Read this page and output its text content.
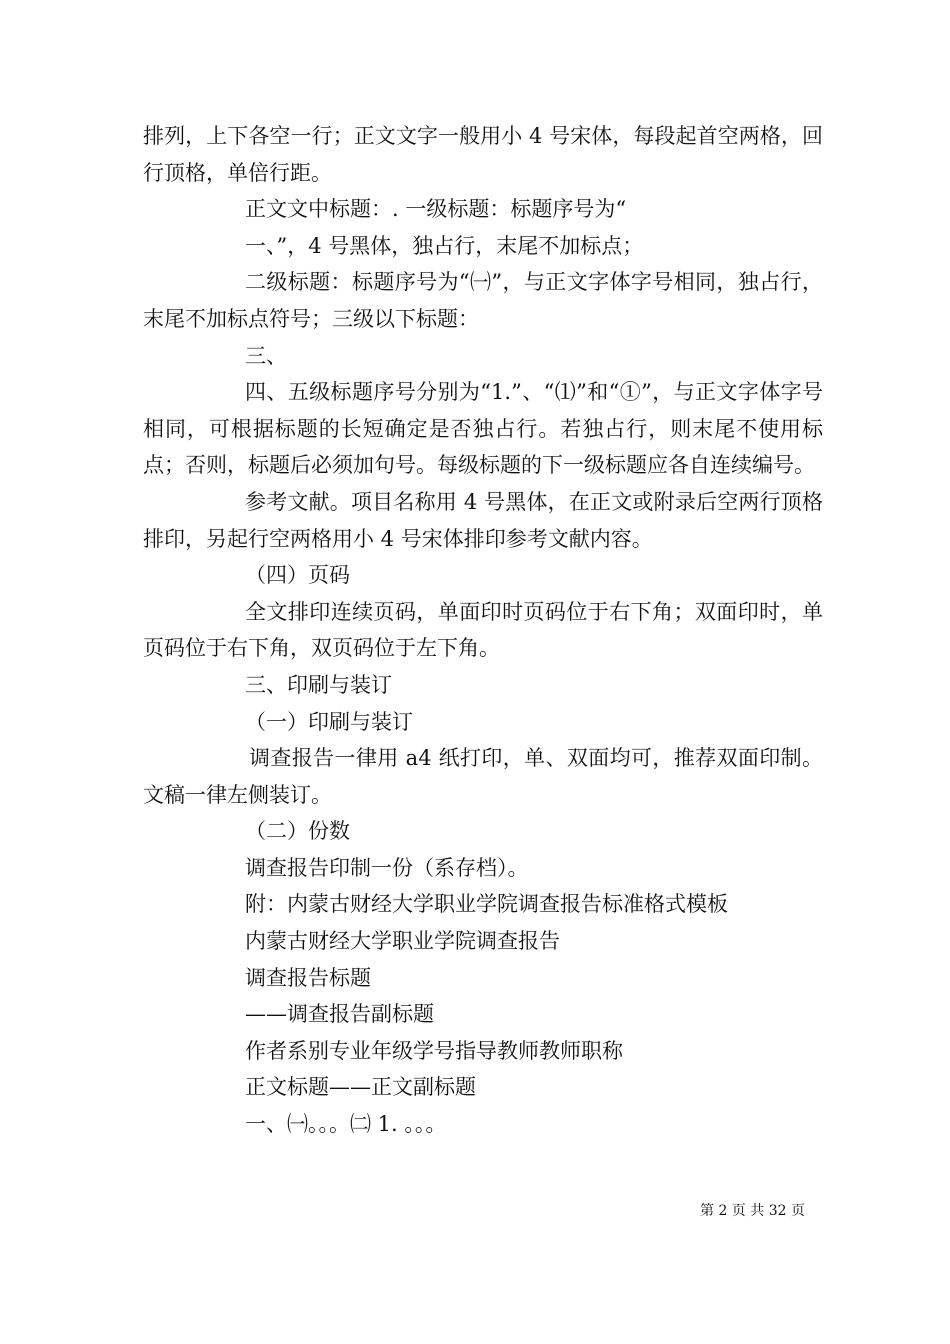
排列，上下各空一行；正文文字一般用小 4 号宋体，每段起首空两格，回行顶格，单倍行距。

正文文中标题：. 一级标题：标题序号为“

一、”，4 号黑体，独占行，末尾不加标点；

二级标题：标题序号为“㈠”，与正文字体字号相同，独占行，末尾不加标点符号；三级以下标题：

三、

四、五级标题序号分别为“1.”、“⑴”和“①”，与正文字体字号相同，可根据标题的长短确定是否独占行。若独占行，则末尾不使用标点；否则，标题后必须加句号。每级标题的下一级标题应各自连续编号。

参考文献。项目名称用 4 号黑体，在正文或附录后空两行顶格排印，另起行空两格用小 4 号宋体排印参考文献内容。

（四）页码

全文排印连续页码，单面印时页码位于右下角；双面印时，单页码位于右下角，双页码位于左下角。

三、印刷与装订

（一）印刷与装订

调查报告一律用 a4 纸打印，单、双面均可，推荐双面印制。文稿一律左侧装订。

（二）份数

调查报告印制一份（系存档）。

附：内蒙古财经大学职业学院调查报告标准格式模板

内蒙古财经大学职业学院调查报告

调查报告标题

——调查报告副标题

作者系别专业年级学号指导教师教师职称

正文标题——正文副标题

一、㈠。。。㈡ 1. 。。。

第 2 页 共 32 页
